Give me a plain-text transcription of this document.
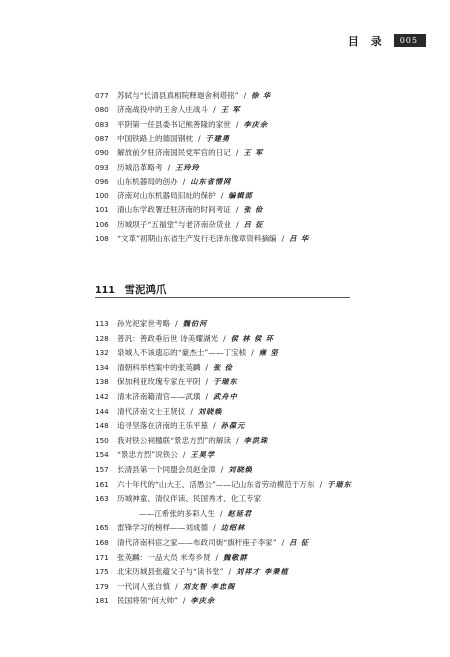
目 录	005
077 苏轼与“长清县真相院释迦舍利塔铭” / 徐 华
080 济南战役中的王舍人庄战斗 / 王 军
083 平阴第一任县委书记熊善隆的家世 / 李庆余
087 中国铁路上的德国钢枕 / 于建勇
090 解放前夕驻济南国民党军官的日记 / 王 军
093 历城沿革略考 / 王玲玲
096 山东机器局的创办 / 山东省情网
100 济南对山东机器局旧址的保护 / 编辑部
101 清山东学政署迁驻济南的时间考证 / 张 俭
106 历城坝子“五福堂”与老济南杂货业 / 吕 征
108 “文革”初期山东省生产发行毛泽东像章资料摘编 / 吕 华
111 雪泥鸿爪
113 孙光祀家世考略 / 魏伯河
128 普汎：善政垂后世 诗美耀湖光 / 侯 林 侯 环
132 泉城人不该遗忘的“豪杰士”——丁宝桢 / 雍 坚
134 清朝科举档案中的张英麟 / 张 俭
138 保加利亚玫瑰专家在平阴 / 于瑞东
142 清末济南籍清官——武璜 / 武舟中
144 清代济南文士王贤仪 / 刘晓焕
148 追寻坚落在济南的王乐平墓 / 孙葆元
150 我对铁公祠楹联“景忠方烈”的解读 / 李洪珠
154 “景忠方烈”说铁公 / 王昊学
157 长清县第一个同盟会员赵金漳 / 刘晓焕
161 六十年代的“山大王、活愚公”——记山东省劳动模范于万东 / 于瑞东
163 历城神童、清仪伴读、民国秀才、化工专家
——江希张的多彩人生 / 赵延君
165 雷锋学习的榜样——刘成德 / 边绍林
168 清代济南科宦之家——布政司街“旗杆座子李家” / 吕 征
171 张英麟：一品大员 米寿乡贤 / 魏敬群
175 北宋历城县张蕴父子与“读书堂” / 刘祥才 李秉植
179 一代词人张自慎 / 刘友智 李忠阁
181 民国将领“何大帅” / 李庆余
